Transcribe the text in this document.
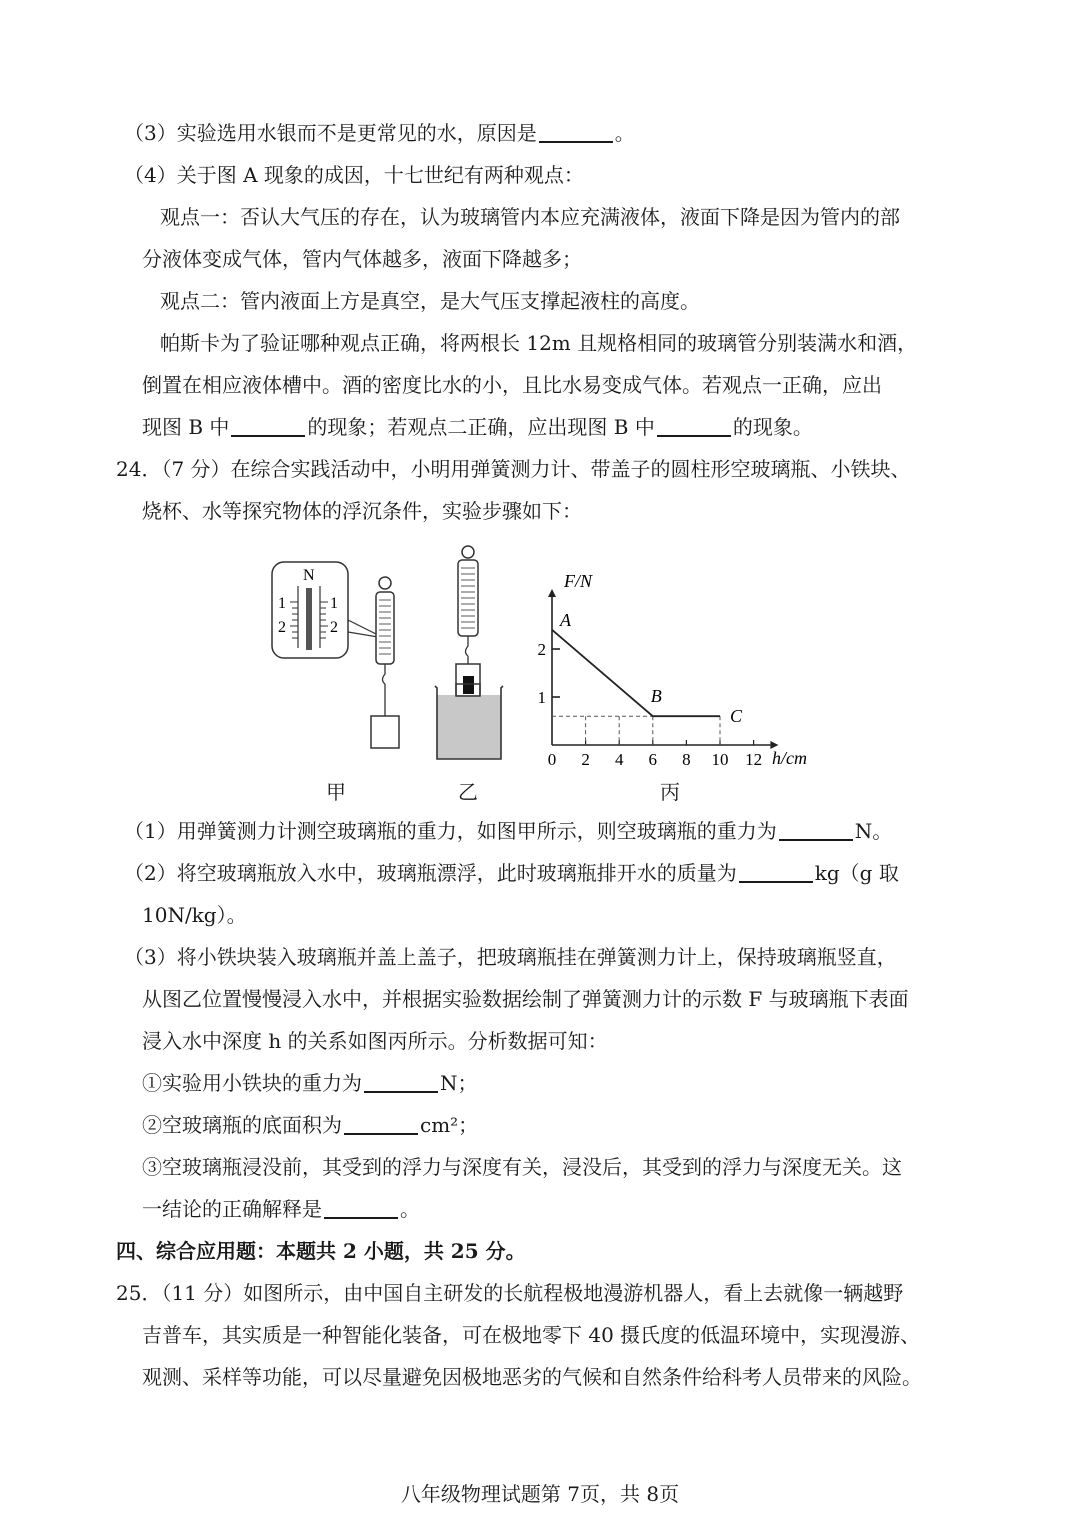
（3）实验选用水银而不是更常见的水，原因是	。
（4）关于图 A 现象的成因，十七世纪有两种观点：
观点一：否认大气压的存在，认为玻璃管内本应充满液体，液面下降是因为管内的部
分液体变成气体，管内气体越多，液面下降越多；
观点二：管内液面上方是真空，是大气压支撑起液柱的高度。
帕斯卡为了验证哪种观点正确，将两根长 12m 且规格相同的玻璃管分别装满水和酒，
倒置在相应液体槽中。酒的密度比水的小，且比水易变成气体。若观点一正确，应出
现图 B 中	的现象；若观点二正确，应出现图 B 中	的现象。
24．（7 分）在综合实践活动中，小明用弹簧测力计、带盖子的圆柱形空玻璃瓶、小铁块、
烧杯、水等探究物体的浮沉条件，实验步骤如下：
N
1
2
1
2
0 2 4 6 8 10 12
1
2
A
B
C
F/N
h/cm
甲	乙	丙
（1）用弹簧测力计测空玻璃瓶的重力，如图甲所示，则空玻璃瓶的重力为	N。
（2）将空玻璃瓶放入水中，玻璃瓶漂浮，此时玻璃瓶排开水的质量为	kg（g 取
10N/kg）。
（3）将小铁块装入玻璃瓶并盖上盖子，把玻璃瓶挂在弹簧测力计上，保持玻璃瓶竖直，
从图乙位置慢慢浸入水中，并根据实验数据绘制了弹簧测力计的示数 F 与玻璃瓶下表面
浸入水中深度 h 的关系如图丙所示。分析数据可知：
①实验用小铁块的重力为	N；
②空玻璃瓶的底面积为	cm²；
③空玻璃瓶浸没前，其受到的浮力与深度有关，浸没后，其受到的浮力与深度无关。这
一结论的正确解释是	。
四、综合应用题：本题共 2 小题，共 25 分。
25．（11 分）如图所示，由中国自主研发的长航程极地漫游机器人，看上去就像一辆越野
吉普车，其实质是一种智能化装备，可在极地零下 40 摄氏度的低温环境中，实现漫游、
观测、采样等功能，可以尽量避免因极地恶劣的气候和自然条件给科考人员带来的风险。
八年级物理试题第 7页，共 8页
